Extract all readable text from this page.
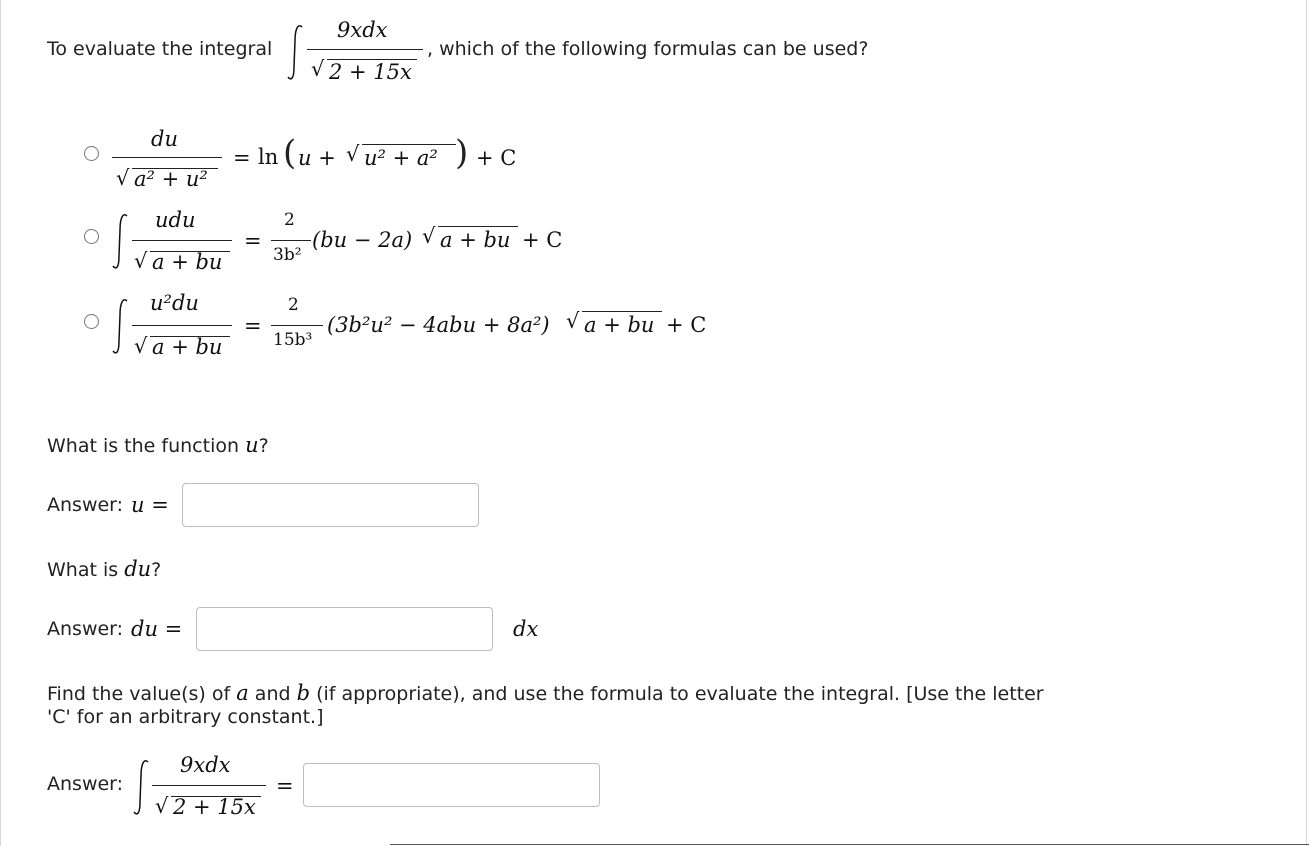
To evaluate the integral
9xdx
√ 2 + 15x
, which of the following formulas can be used?
du
√ a² + u²
= ln ( u + √ u² + a² ) + C
udu
√ a + bu
=
2
3b²
(bu − 2a) √ a + bu + C
u²du
√ a + bu
=
2
15b³
(3b²u² − 4abu + 8a²) √ a + bu + C
What is the function u?
Answer: u =
What is du?
Answer: du =	dx
Find the value(s) of a and b (if appropriate), and use the formula to evaluate the integral. [Use the letter
'C' for an arbitrary constant.]
Answer:
9xdx
√ 2 + 15x
=
